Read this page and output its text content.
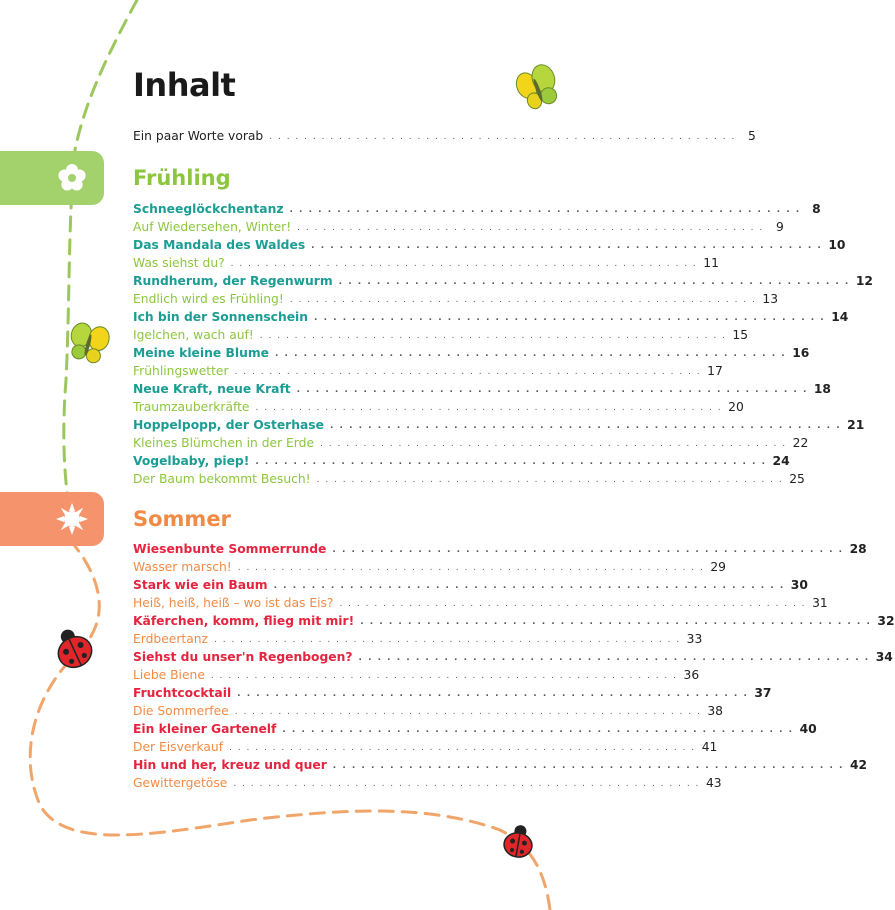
Inhalt
Ein paar Worte vorab . . . . . . . . . . . . . . . . . . . . . . . . . . . . . . . . . . . . . . . . . . . . . . . . . . . . . . 5
Frühling
Schneeglöckchentanz . . . . . . . . . . . . . . . . . . . . . . . . . . . . . . . . . . . . . . . . . . . . . . . . . . . . . . 8
Auf Wiedersehen, Winter! . . . . . . . . . . . . . . . . . . . . . . . . . . . . . . . . . . . . . . . . . . . . . . . . . . . . . . 9
Das Mandala des Waldes . . . . . . . . . . . . . . . . . . . . . . . . . . . . . . . . . . . . . . . . . . . . . . . . . . . . . . 10
Was siehst du? . . . . . . . . . . . . . . . . . . . . . . . . . . . . . . . . . . . . . . . . . . . . . . . . . . . . . . 11
Rundherum, der Regenwurm . . . . . . . . . . . . . . . . . . . . . . . . . . . . . . . . . . . . . . . . . . . . . . . . . . . . . . 12
Endlich wird es Frühling! . . . . . . . . . . . . . . . . . . . . . . . . . . . . . . . . . . . . . . . . . . . . . . . . . . . . . . 13
Ich bin der Sonnenschein . . . . . . . . . . . . . . . . . . . . . . . . . . . . . . . . . . . . . . . . . . . . . . . . . . . . . . 14
Igelchen, wach auf! . . . . . . . . . . . . . . . . . . . . . . . . . . . . . . . . . . . . . . . . . . . . . . . . . . . . . . 15
Meine kleine Blume . . . . . . . . . . . . . . . . . . . . . . . . . . . . . . . . . . . . . . . . . . . . . . . . . . . . . . 16
Frühlingswetter . . . . . . . . . . . . . . . . . . . . . . . . . . . . . . . . . . . . . . . . . . . . . . . . . . . . . . 17
Neue Kraft, neue Kraft . . . . . . . . . . . . . . . . . . . . . . . . . . . . . . . . . . . . . . . . . . . . . . . . . . . . . . 18
Traumzauberkräfte . . . . . . . . . . . . . . . . . . . . . . . . . . . . . . . . . . . . . . . . . . . . . . . . . . . . . . 20
Hoppelpopp, der Osterhase . . . . . . . . . . . . . . . . . . . . . . . . . . . . . . . . . . . . . . . . . . . . . . . . . . . . . . 21
Kleines Blümchen in der Erde . . . . . . . . . . . . . . . . . . . . . . . . . . . . . . . . . . . . . . . . . . . . . . . . . . . . . . 22
Vogelbaby, piep! . . . . . . . . . . . . . . . . . . . . . . . . . . . . . . . . . . . . . . . . . . . . . . . . . . . . . . 24
Der Baum bekommt Besuch! . . . . . . . . . . . . . . . . . . . . . . . . . . . . . . . . . . . . . . . . . . . . . . . . . . . . . . 25
Sommer
Wiesenbunte Sommerrunde . . . . . . . . . . . . . . . . . . . . . . . . . . . . . . . . . . . . . . . . . . . . . . . . . . . . . . 28
Wasser marsch! . . . . . . . . . . . . . . . . . . . . . . . . . . . . . . . . . . . . . . . . . . . . . . . . . . . . . . 29
Stark wie ein Baum . . . . . . . . . . . . . . . . . . . . . . . . . . . . . . . . . . . . . . . . . . . . . . . . . . . . . . 30
Heiß, heiß, heiß – wo ist das Eis? . . . . . . . . . . . . . . . . . . . . . . . . . . . . . . . . . . . . . . . . . . . . . . . . . . . . . . 31
Käferchen, komm, flieg mit mir! . . . . . . . . . . . . . . . . . . . . . . . . . . . . . . . . . . . . . . . . . . . . . . . . . . . . . . 32
Erdbeertanz . . . . . . . . . . . . . . . . . . . . . . . . . . . . . . . . . . . . . . . . . . . . . . . . . . . . . . 33
Siehst du unser'n Regenbogen? . . . . . . . . . . . . . . . . . . . . . . . . . . . . . . . . . . . . . . . . . . . . . . . . . . . . . . 34
Liebe Biene . . . . . . . . . . . . . . . . . . . . . . . . . . . . . . . . . . . . . . . . . . . . . . . . . . . . . . 36
Fruchtcocktail . . . . . . . . . . . . . . . . . . . . . . . . . . . . . . . . . . . . . . . . . . . . . . . . . . . . . . 37
Die Sommerfee . . . . . . . . . . . . . . . . . . . . . . . . . . . . . . . . . . . . . . . . . . . . . . . . . . . . . . 38
Ein kleiner Gartenelf . . . . . . . . . . . . . . . . . . . . . . . . . . . . . . . . . . . . . . . . . . . . . . . . . . . . . . 40
Der Eisverkauf . . . . . . . . . . . . . . . . . . . . . . . . . . . . . . . . . . . . . . . . . . . . . . . . . . . . . . 41
Hin und her, kreuz und quer . . . . . . . . . . . . . . . . . . . . . . . . . . . . . . . . . . . . . . . . . . . . . . . . . . . . . . 42
Gewittergetöse . . . . . . . . . . . . . . . . . . . . . . . . . . . . . . . . . . . . . . . . . . . . . . . . . . . . . . 43
